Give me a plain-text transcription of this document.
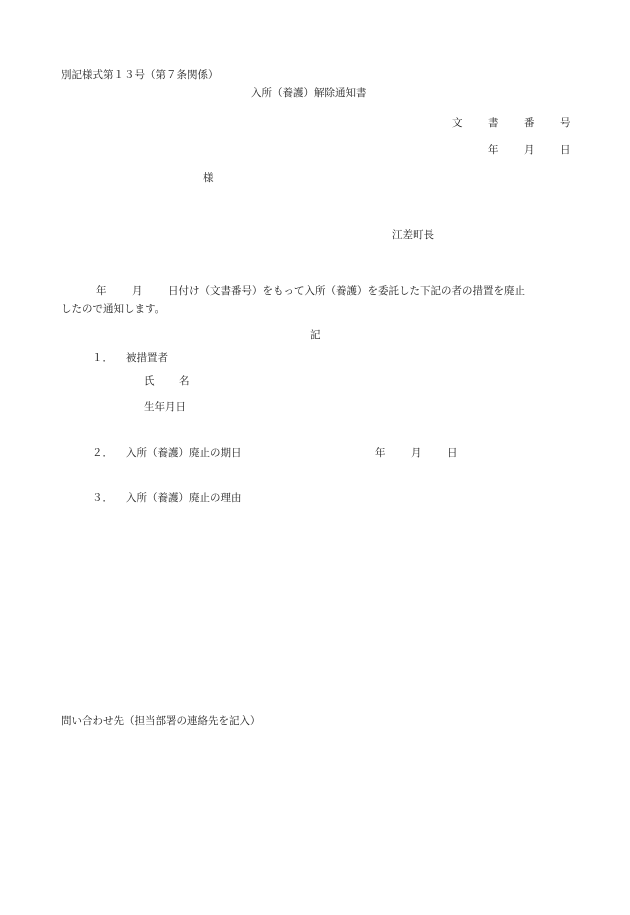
別記様式第１３号（第７条関係）
入所（養護）解除通知書
文 書 番 号
年 月 日
様
江差町長
年 月 日付け（文書番号）をもって入所（養護）を委託した下記の者の措置を廃止
したので通知します。
記
１． 被措置者
氏 名
生年月日
２． 入所（養護）廃止の期日	年 月 日
３． 入所（養護）廃止の理由
問い合わせ先（担当部署の連絡先を記入）
